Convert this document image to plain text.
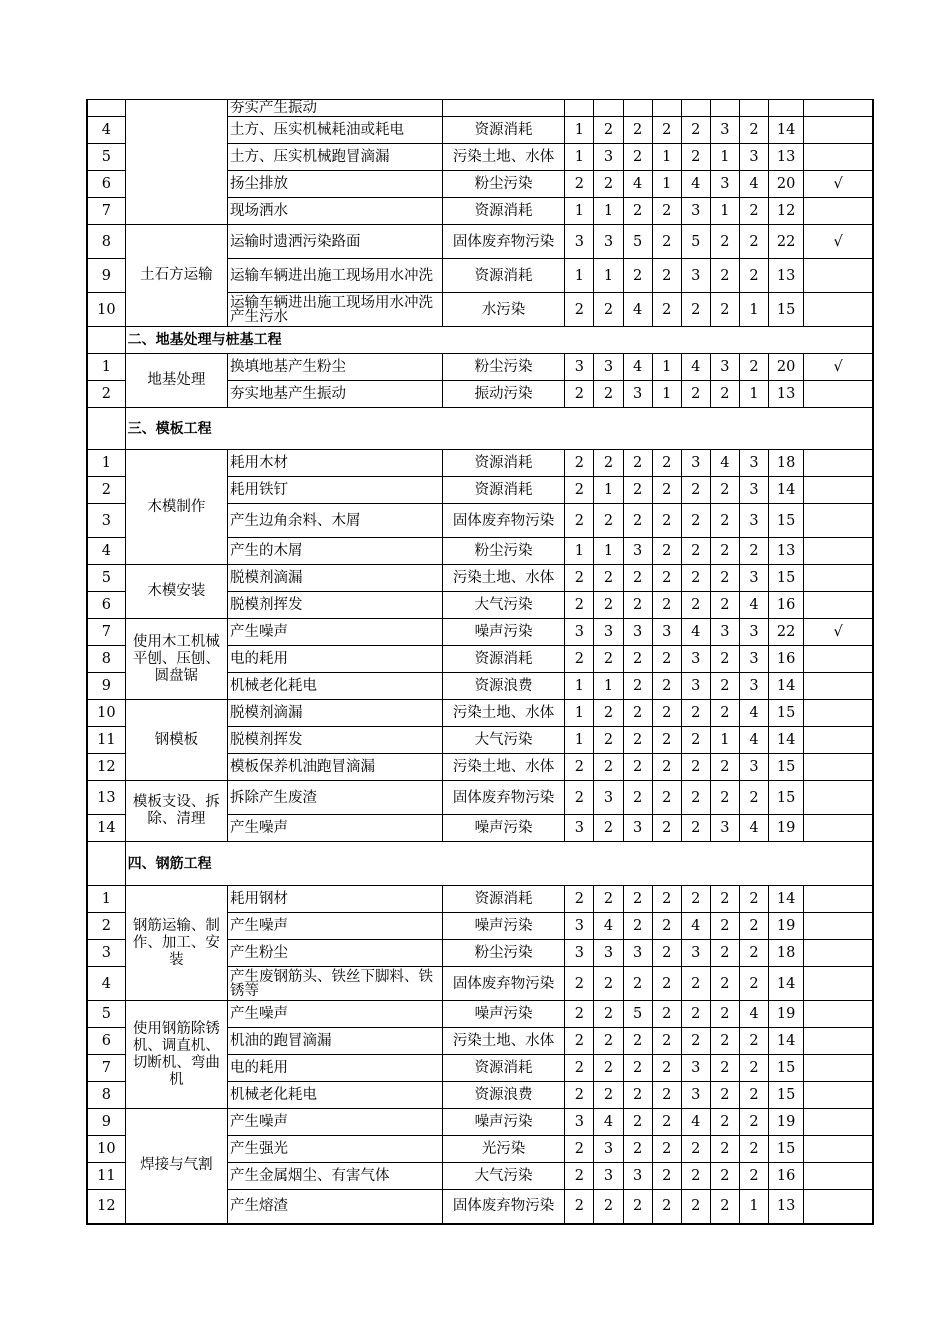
		夯实产生振动										
4		土方、压实机械耗油或耗电	资源消耗	1	2	2	2	2	3	2	14	
5		土方、压实机械跑冒滴漏	污染土地、水体	1	3	2	1	2	1	3	13	
6		扬尘排放	粉尘污染	2	2	4	1	4	3	4	20	√
7		现场洒水	资源消耗	1	1	2	2	3	1	2	12	
8	土石方运输	运输时遗洒污染路面	固体废弃物污染	3	3	5	2	5	2	2	22	√
9		运输车辆进出施工现场用水冲洗	资源消耗	1	1	2	2	3	2	2	13	
10		运输车辆进出施工现场用水冲洗产生污水	水污染	2	2	4	2	2	2	1	15	
	二、地基处理与桩基工程											
1	地基处理	换填地基产生粉尘	粉尘污染	3	3	4	1	4	3	2	20	√
2		夯实地基产生振动	振动污染	2	2	3	1	2	2	1	13	
	三、模板工程											
1	木模制作	耗用木材	资源消耗	2	2	2	2	3	4	3	18	
2		耗用铁钉	资源消耗	2	1	2	2	2	2	3	14	
3		产生边角余料、木屑	固体废弃物污染	2	2	2	2	2	2	3	15	
4		产生的木屑	粉尘污染	1	1	3	2	2	2	2	13	
5	木模安装	脱模剂滴漏	污染土地、水体	2	2	2	2	2	2	3	15	
6		脱模剂挥发	大气污染	2	2	2	2	2	2	4	16	
7	使用木工机械平刨、压刨、圆盘锯	产生噪声	噪声污染	3	3	3	3	4	3	3	22	√
8		电的耗用	资源消耗	2	2	2	2	3	2	3	16	
9		机械老化耗电	资源浪费	1	1	2	2	3	2	3	14	
10	钢模板	脱模剂滴漏	污染土地、水体	1	2	2	2	2	2	4	15	
11		脱模剂挥发	大气污染	1	2	2	2	2	1	4	14	
12		模板保养机油跑冒滴漏	污染土地、水体	2	2	2	2	2	2	3	15	
13	模板支设、拆除、清理	拆除产生废渣	固体废弃物污染	2	3	2	2	2	2	2	15	
14		产生噪声	噪声污染	3	2	3	2	2	3	4	19	
	四、钢筋工程											
1	钢筋运输、制作、加工、安装	耗用钢材	资源消耗	2	2	2	2	2	2	2	14	
2		产生噪声	噪声污染	3	4	2	2	4	2	2	19	
3		产生粉尘	粉尘污染	3	3	3	2	3	2	2	18	
4		产生废钢筋头、铁丝下脚料、铁锈等	固体废弃物污染	2	2	2	2	2	2	2	14	
5	使用钢筋除锈机、调直机、切断机、弯曲机	产生噪声	噪声污染	2	2	5	2	2	2	4	19	
6		机油的跑冒滴漏	污染土地、水体	2	2	2	2	2	2	2	14	
7		电的耗用	资源消耗	2	2	2	2	3	2	2	15	
8		机械老化耗电	资源浪费	2	2	2	2	3	2	2	15	
9	焊接与气割	产生噪声	噪声污染	3	4	2	2	4	2	2	19	
10		产生强光	光污染	2	3	2	2	2	2	2	15	
11		产生金属烟尘、有害气体	大气污染	2	3	3	2	2	2	2	16	
12		产生熔渣	固体废弃物污染	2	2	2	2	2	2	1	13	
